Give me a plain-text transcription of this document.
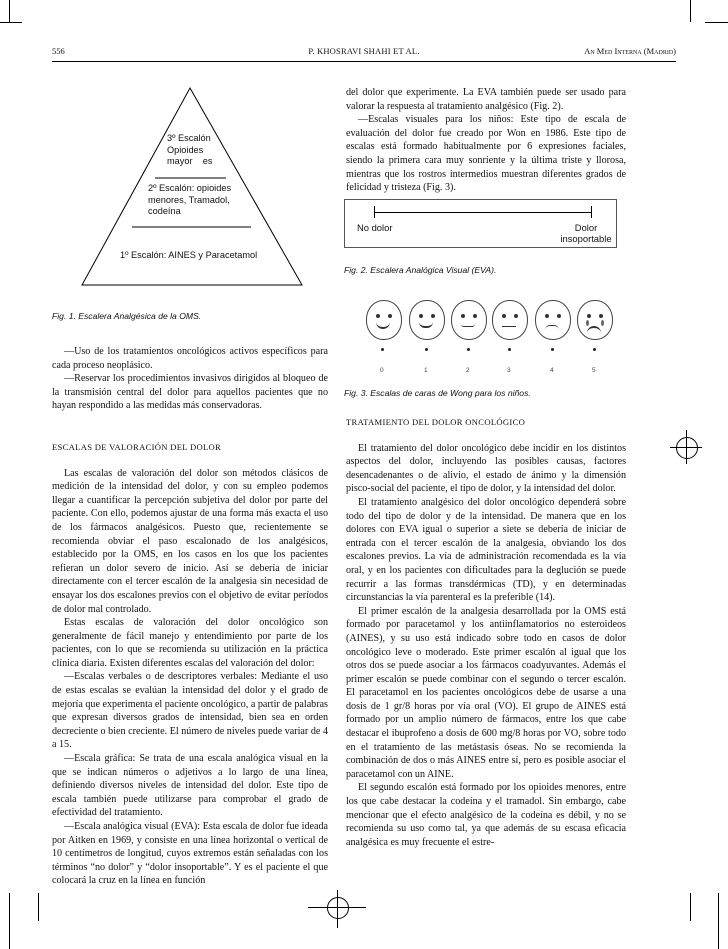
556	P. KHOSRAVI SHAHI ET AL.	An Med Interna (Madrid)
3º Escalón
Opioides
mayor    es
2º Escalón: opioides
menores, Tramadol,
codeína
1º Escalón: AINES y Paracetamol
Fig. 1. Escalera Analgésica de la OMS.

—Uso de los tratamientos oncológicos activos específicos para cada proceso neoplásico.

—Reservar los procedimientos invasivos dirigidos al bloqueo de la transmisión central del dolor para aquellos pacientes que no hayan respondido a las medidas más conservadoras.

ESCALAS DE VALORACIÓN DEL DOLOR

Las escalas de valoración del dolor son métodos clásicos de medición de la intensidad del dolor, y con su empleo podemos llegar a cuantificar la percepción subjetiva del dolor por parte del paciente. Con ello, podemos ajustar de una forma más exacta el uso de los fármacos analgésicos. Puesto que, recientemente se recomienda obviar el paso escalonado de los analgésicos, establecido por la OMS, en los casos en los que los pacientes refieran un dolor severo de inicio. Así se debería de iniciar directamente con el tercer escalón de la analgesia sin necesidad de ensayar los dos escalones previos con el objetivo de evitar períodos de dolor mal controlado.

Estas escalas de valoración del dolor oncológico son generalmente de fácil manejo y entendimiento por parte de los pacientes, con lo que se recomienda su utilización en la práctica clínica diaria. Existen diferentes escalas del valoración del dolor:

—Escalas verbales o de descriptores verbales: Mediante el uso de estas escalas se evalúan la intensidad del dolor y el grado de mejoría que experimenta el paciente oncológico, a partir de palabras que expresan diversos grados de intensidad, bien sea en orden decreciente o bien creciente. El número de niveles puede variar de 4 a 15.

—Escala gráfica: Se trata de una escala analógica visual en la que se indican números o adjetivos a lo largo de una línea, definiendo diversos niveles de intensidad del dolor. Este tipo de escala también puede utilizarse para comprobar el grado de efectividad del tratamiento.

—Escala analógica visual (EVA): Esta escala de dolor fue ideada por Aitken en 1969, y consiste en una línea horizontal o vertical de 10 centímetros de longitud, cuyos extremos están señaladas con los términos “no dolor” y “dolor insoportable”. Y es el paciente el que colocará la cruz en la línea en función

del dolor que experimente. La EVA también puede ser usado para valorar la respuesta al tratamiento analgésico (Fig. 2).

—Escalas visuales para los niños: Este tipo de escala de evaluación del dolor fue creado por Won en 1986. Este tipo de escalas está formado habitualmente por 6 expresiones faciales, siendo la primera cara muy sonriente y la última triste y llorosa, mientras que los rostros intermedios muestran diferentes grados de felicidad y tristeza (Fig. 3).

No dolor	Dolor
insoportable
Fig. 2. Escalera Analógica Visual (EVA).
0	1	2	3	4	5
Fig. 3. Escalas de caras de Wong para los niños.

TRATAMIENTO DEL DOLOR ONCOLÓGICO

El tratamiento del dolor oncológico debe incidir en los distintos aspectos del dolor, incluyendo las posibles causas, factores desencadenantes o de alivio, el estado de ánimo y la dimensión pisco-social del paciente, el tipo de dolor, y la intensidad del dolor.

El tratamiento analgésico del dolor oncológico dependerá sobre todo del tipo de dolor y de la intensidad. De manera que en los dolores con EVA igual o superior a siete se debería de iniciar de entrada con el tercer escalón de la analgesia, obviando los dos escalones previos. La vía de administración recomendada es la vía oral, y en los pacientes con dificultades para la deglución se puede recurrir a las formas transdérmicas (TD), y en determinadas circunstancias la vía parenteral es la preferible (14).

El primer escalón de la analgesia desarrollada por la OMS está formado por paracetamol y los antiinflamatorios no esteroideos (AINES), y su uso está indicado sobre todo en casos de dolor oncológico leve o moderado. Este primer escalón al igual que los otros dos se puede asociar a los fármacos coadyuvantes. Además el primer escalón se puede combinar con el segundo o tercer escalón. El paracetamol en los pacientes oncológicos debe de usarse a una dosis de 1 gr/8 horas por vía oral (VO). El grupo de AINES está formado por un amplio número de fármacos, entre los que cabe destacar el ibuprofeno a dosis de 600 mg/8 horas por VO, sobre todo en el tratamiento de las metástasis óseas. No se recomienda la combinación de dos o más AINES entre sí, pero es posible asociar el paracetamol con un AINE.

El segundo escalón está formado por los opioides menores, entre los que cabe destacar la codeína y el tramadol. Sin embargo, cabe mencionar que el efecto analgésico de la codeína es débil, y no se recomienda su uso como tal, ya que además de su escasa eficacia analgésica es muy frecuente el estre-
